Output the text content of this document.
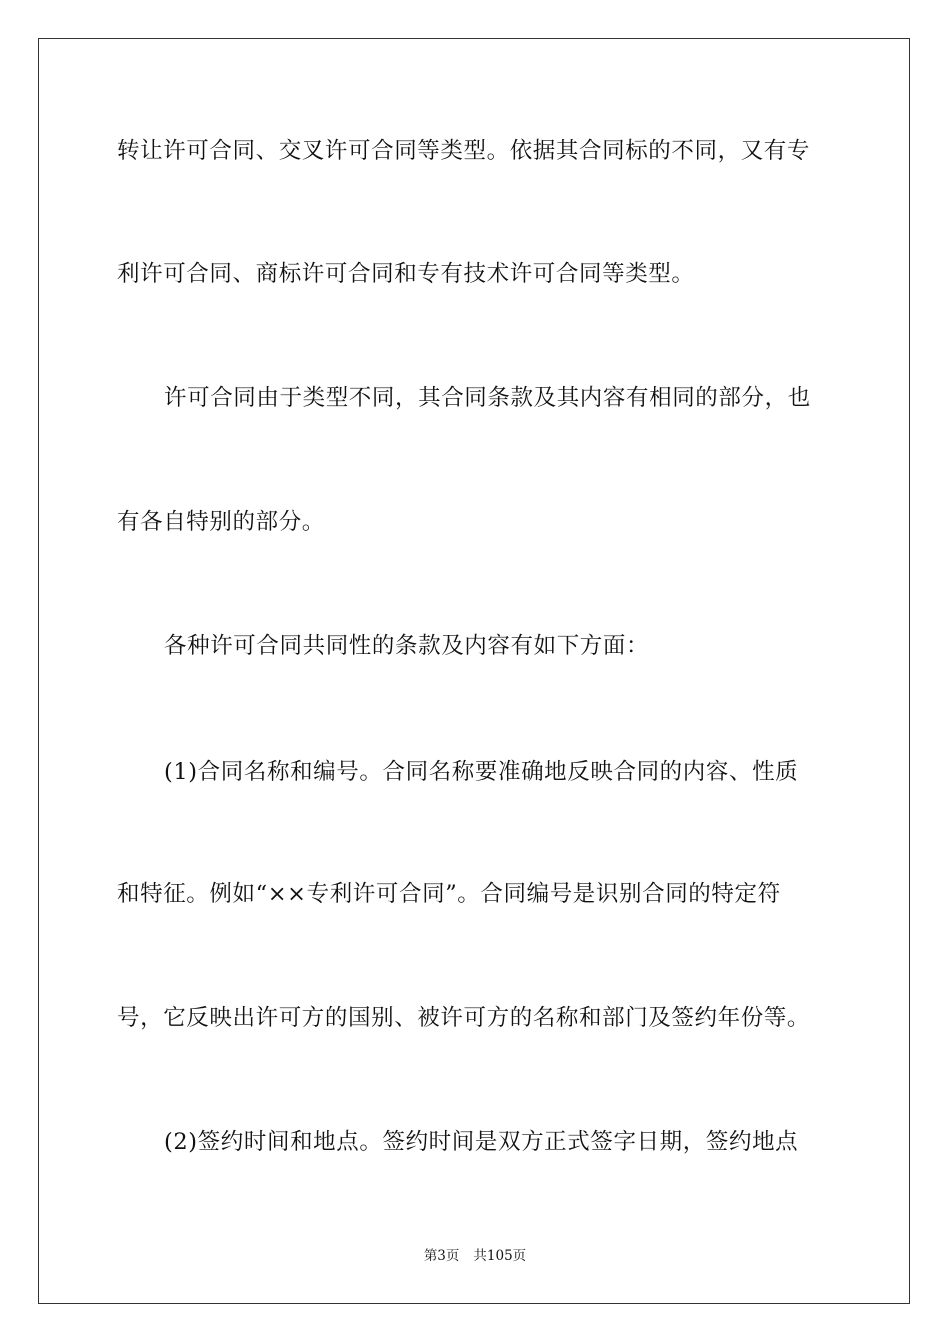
转让许可合同、交叉许可合同等类型。依据其合同标的不同，又有专
利许可合同、商标许可合同和专有技术许可合同等类型。
许可合同由于类型不同，其合同条款及其内容有相同的部分，也
有各自特别的部分。
各种许可合同共同性的条款及内容有如下方面：
(1)合同名称和编号。合同名称要准确地反映合同的内容、性质
和特征。例如“××专利许可合同”。合同编号是识别合同的特定符
号，它反映出许可方的国别、被许可方的名称和部门及签约年份等。
(2)签约时间和地点。签约时间是双方正式签字日期，签约地点
第3页 共105页
